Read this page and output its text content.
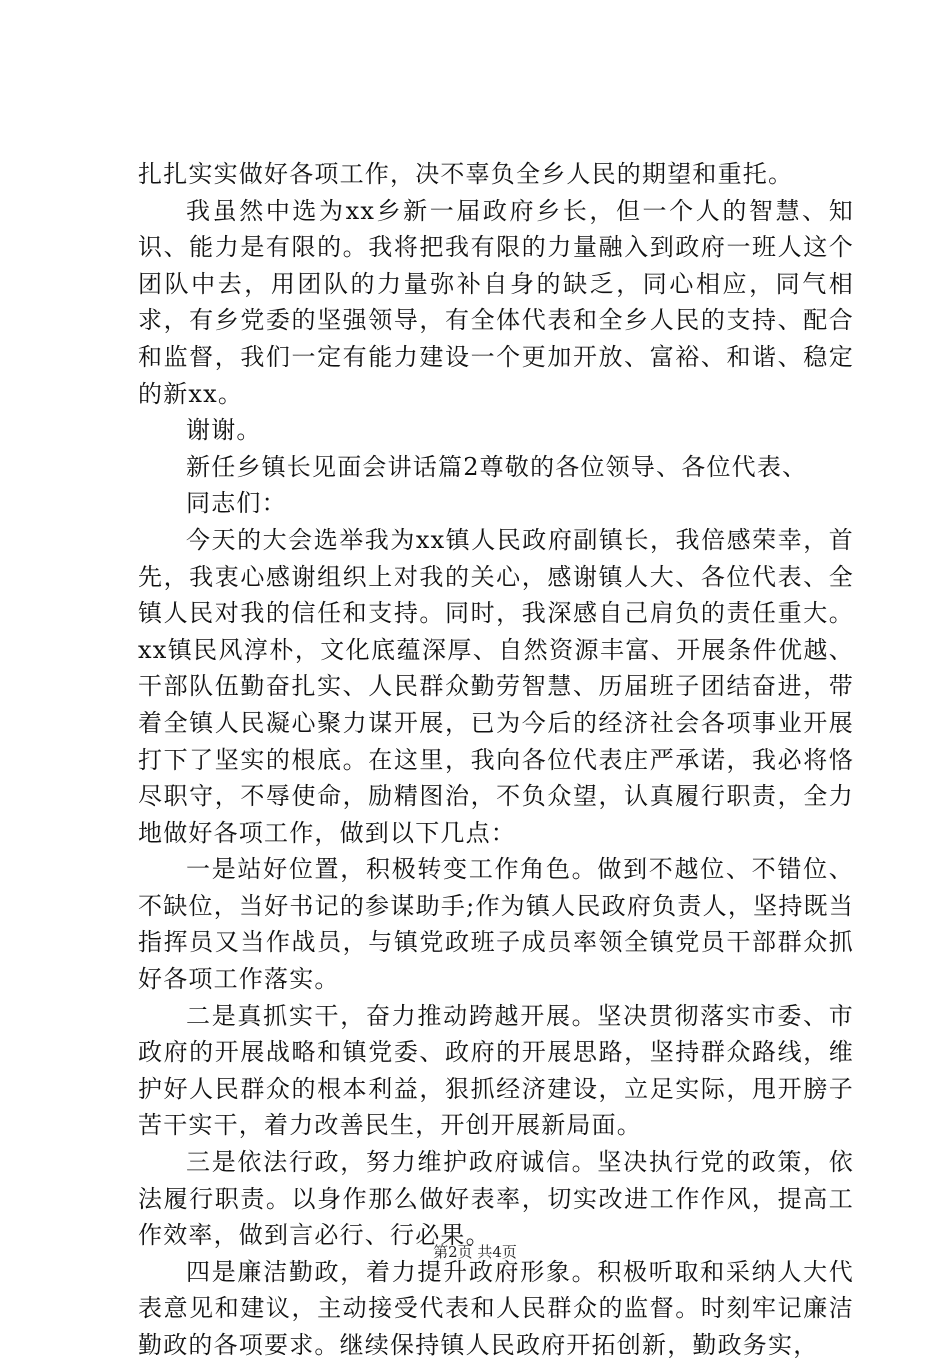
扎扎实实做好各项工作，决不辜负全乡人民的期望和重托。

我虽然中选为xx乡新一届政府乡长，但一个人的智慧、知识、能力是有限的。我将把我有限的力量融入到政府一班人这个团队中去，用团队的力量弥补自身的缺乏，同心相应，同气相求，有乡党委的坚强领导，有全体代表和全乡人民的支持、配合和监督，我们一定有能力建设一个更加开放、富裕、和谐、稳定的新xx。

谢谢。

新任乡镇长见面会讲话篇2尊敬的各位领导、各位代表、

同志们：

今天的大会选举我为xx镇人民政府副镇长，我倍感荣幸，首先，我衷心感谢组织上对我的关心，感谢镇人大、各位代表、全镇人民对我的信任和支持。同时，我深感自己肩负的责任重大。xx镇民风淳朴，文化底蕴深厚、自然资源丰富、开展条件优越、干部队伍勤奋扎实、人民群众勤劳智慧、历届班子团结奋进，带着全镇人民凝心聚力谋开展，已为今后的经济社会各项事业开展打下了坚实的根底。在这里，我向各位代表庄严承诺，我必将恪尽职守，不辱使命，励精图治，不负众望，认真履行职责，全力地做好各项工作，做到以下几点：

一是站好位置，积极转变工作角色。做到不越位、不错位、不缺位，当好书记的参谋助手;作为镇人民政府负责人，坚持既当指挥员又当作战员，与镇党政班子成员率领全镇党员干部群众抓好各项工作落实。

二是真抓实干，奋力推动跨越开展。坚决贯彻落实市委、市政府的开展战略和镇党委、政府的开展思路，坚持群众路线，维护好人民群众的根本利益，狠抓经济建设，立足实际，甩开膀子苦干实干，着力改善民生，开创开展新局面。

三是依法行政，努力维护政府诚信。坚决执行党的政策，依法履行职责。以身作那么做好表率，切实改进工作作风，提高工作效率，做到言必行、行必果。

四是廉洁勤政，着力提升政府形象。积极听取和采纳人大代表意见和建议，主动接受代表和人民群众的监督。时刻牢记廉洁勤政的各项要求。继续保持镇人民政府开拓创新，勤政务实，

第2页 共4页
